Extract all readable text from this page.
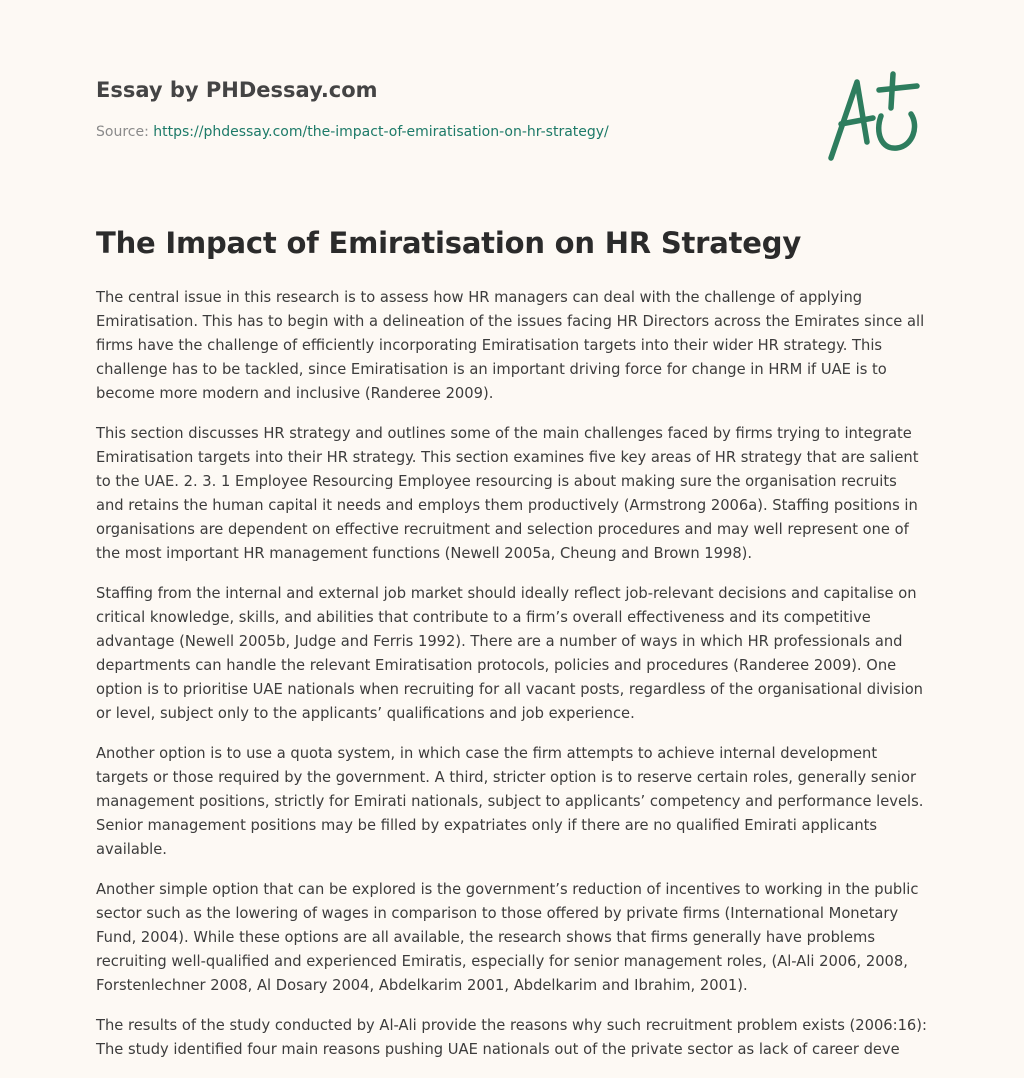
Essay by PHDessay.com
Source: https://phdessay.com/the-impact-of-emiratisation-on-hr-strategy/
The Impact of Emiratisation on HR Strategy

The central issue in this research is to assess how HR managers can deal with the challenge of applying Emiratisation. This has to begin with a delineation of the issues facing HR Directors across the Emirates since all firms have the challenge of efficiently incorporating Emiratisation targets into their wider HR strategy. This challenge has to be tackled, since Emiratisation is an important driving force for change in HRM if UAE is to become more modern and inclusive (Randeree 2009).

This section discusses HR strategy and outlines some of the main challenges faced by firms trying to integrate Emiratisation targets into their HR strategy. This section examines five key areas of HR strategy that are salient to the UAE. 2. 3. 1 Employee Resourcing Employee resourcing is about making sure the organisation recruits and retains the human capital it needs and employs them productively (Armstrong 2006a). Staffing positions in organisations are dependent on effective recruitment and selection procedures and may well represent one of the most important HR management functions (Newell 2005a, Cheung and Brown 1998).

Staffing from the internal and external job market should ideally reflect job-relevant decisions and capitalise on critical knowledge, skills, and abilities that contribute to a firm’s overall effectiveness and its competitive advantage (Newell 2005b, Judge and Ferris 1992). There are a number of ways in which HR professionals and departments can handle the relevant Emiratisation protocols, policies and procedures (Randeree 2009). One option is to prioritise UAE nationals when recruiting for all vacant posts, regardless of the organisational division or level, subject only to the applicants’ qualifications and job experience.

Another option is to use a quota system, in which case the firm attempts to achieve internal development targets or those required by the government. A third, stricter option is to reserve certain roles, generally senior management positions, strictly for Emirati nationals, subject to applicants’ competency and performance levels. Senior management positions may be filled by expatriates only if there are no qualified Emirati applicants available.

Another simple option that can be explored is the government’s reduction of incentives to working in the public sector such as the lowering of wages in comparison to those offered by private firms (International Monetary Fund, 2004). While these options are all available, the research shows that firms generally have problems recruiting well-qualified and experienced Emiratis, especially for senior management roles, (Al-Ali 2006, 2008, Forstenlechner 2008, Al Dosary 2004, Abdelkarim 2001, Abdelkarim and Ibrahim, 2001).

The results of the study conducted by Al-Ali provide the reasons why such recruitment problem exists (2006:16): The study identified four main reasons pushing UAE nationals out of the private sector as lack of career deve
